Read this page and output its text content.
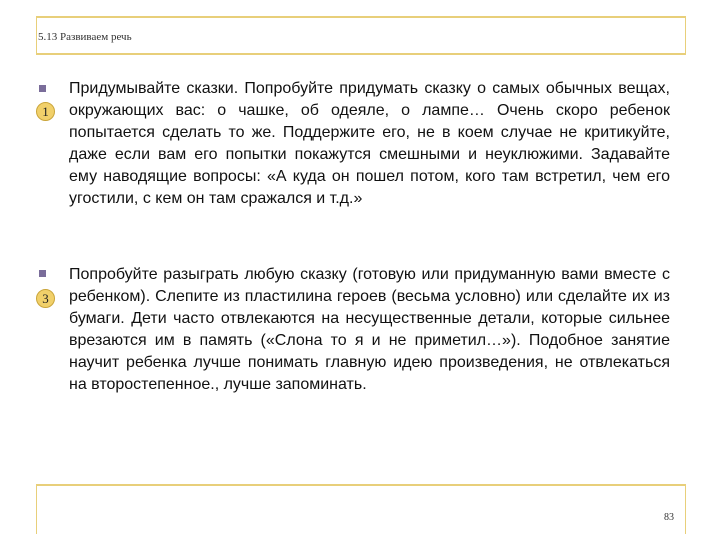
5.13 Развиваем речь
1
Придумывайте сказки. Попробуйте придумать сказку о самых обычных вещах, окружающих вас: о чашке, об одеяле, о лампе… Очень скоро ребенок попытается сделать то же. Поддержите его, не в коем случае не критикуйте, даже если вам его попытки покажутся смешными и неуклюжими. Задавайте ему наводящие вопросы: «А куда он пошел потом, кого там встретил, чем его угостили, с кем он там сражался и т.д.»
3
Попробуйте разыграть любую сказку (готовую или придуманную вами вместе с ребенком). Слепите из пластилина героев (весьма условно) или сделайте их из бумаги. Дети часто отвлекаются на несущественные детали, которые сильнее врезаются им в память («Слона то я и не приметил…»). Подобное занятие научит ребенка лучше понимать главную идею произведения, не отвлекаться на второстепенное., лучше запоминать.
83
